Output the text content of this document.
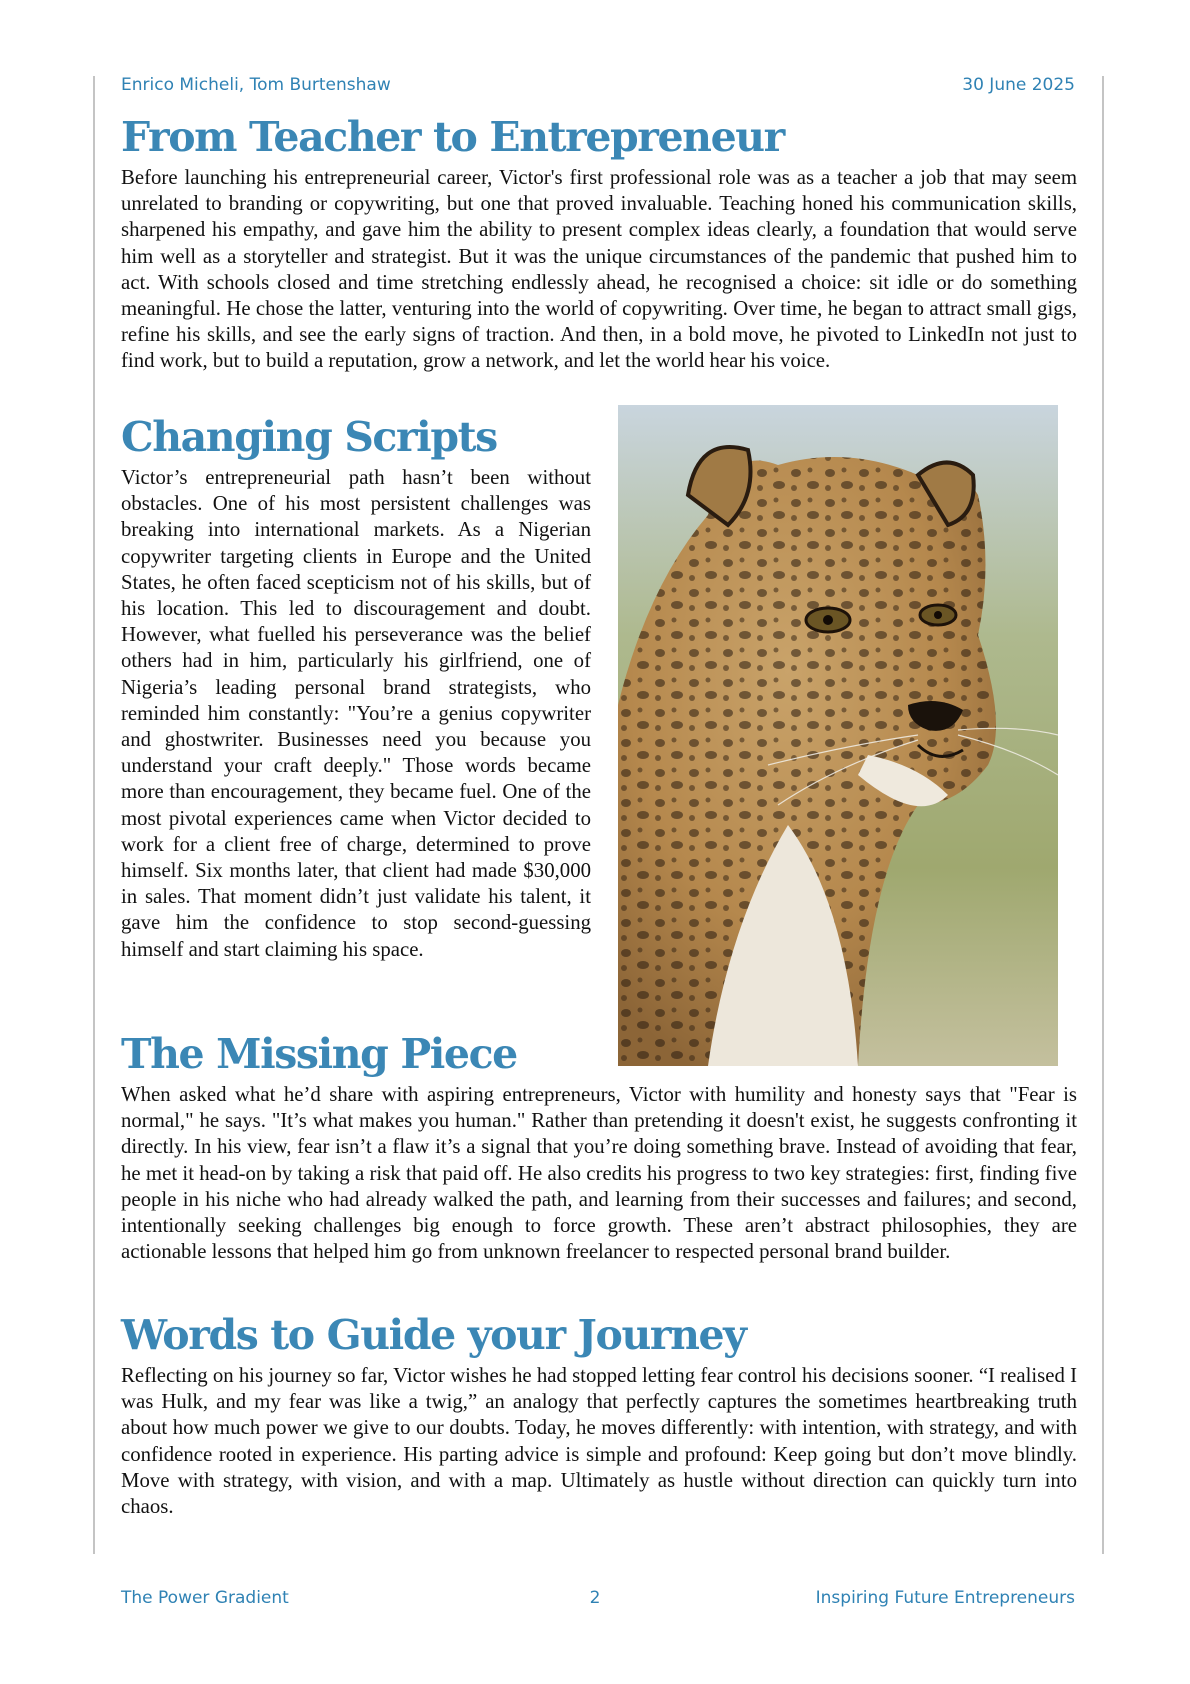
Enrico Micheli, Tom Burtenshaw	30 June 2025
From Teacher to Entrepreneur

Before launching his entrepreneurial career, Victor's first professional role was as a teacher a job that may seem unrelated to branding or copywriting, but one that proved invaluable. Teaching honed his communication skills, sharpened his empathy, and gave him the ability to present complex ideas clearly, a foundation that would serve him well as a storyteller and strategist. But it was the unique circumstances of the pandemic that pushed him to act. With schools closed and time stretching endlessly ahead, he recognised a choice: sit idle or do something meaningful. He chose the latter, venturing into the world of copywriting. Over time, he began to attract small gigs, refine his skills, and see the early signs of traction. And then, in a bold move, he pivoted to LinkedIn not just to find work, but to build a reputation, grow a network, and let the world hear his voice.

Changing Scripts

Victor’s entrepreneurial path hasn’t been without obstacles. One of his most persistent challenges was breaking into international markets. As a Nigerian copywriter targeting clients in Europe and the United States, he often faced scepticism not of his skills, but of his location. This led to discouragement and doubt. However, what fuelled his perseverance was the belief others had in him, particularly his girlfriend, one of Nigeria’s leading personal brand strategists, who reminded him constantly: "You’re a genius copywriter and ghostwriter. Businesses need you because you understand your craft deeply." Those words became more than encouragement, they became fuel. One of the most pivotal experiences came when Victor decided to work for a client free of charge, determined to prove himself. Six months later, that client had made $30,000 in sales. That moment didn’t just validate his talent, it gave him the confidence to stop second-guessing himself and start claiming his space.

The Missing Piece

When asked what he’d share with aspiring entrepreneurs, Victor with humility and honesty says that "Fear is normal," he says. "It’s what makes you human." Rather than pretending it doesn't exist, he suggests confronting it directly. In his view, fear isn’t a flaw it’s a signal that you’re doing something brave. Instead of avoiding that fear, he met it head-on by taking a risk that paid off. He also credits his progress to two key strategies: first, finding five people in his niche who had already walked the path, and learning from their successes and failures; and second, intentionally seeking challenges big enough to force growth. These aren’t abstract philosophies, they are actionable lessons that helped him go from unknown freelancer to respected personal brand builder.

Words to Guide your Journey

Reflecting on his journey so far, Victor wishes he had stopped letting fear control his decisions sooner. “I realised I was Hulk, and my fear was like a twig,” an analogy that perfectly captures the sometimes heartbreaking truth about how much power we give to our doubts. Today, he moves differently: with intention, with strategy, and with confidence rooted in experience. His parting advice is simple and profound: Keep going but don’t move blindly. Move with strategy, with vision, and with a map. Ultimately as hustle without direction can quickly turn into chaos.

The Power Gradient	2	Inspiring Future Entrepreneurs
